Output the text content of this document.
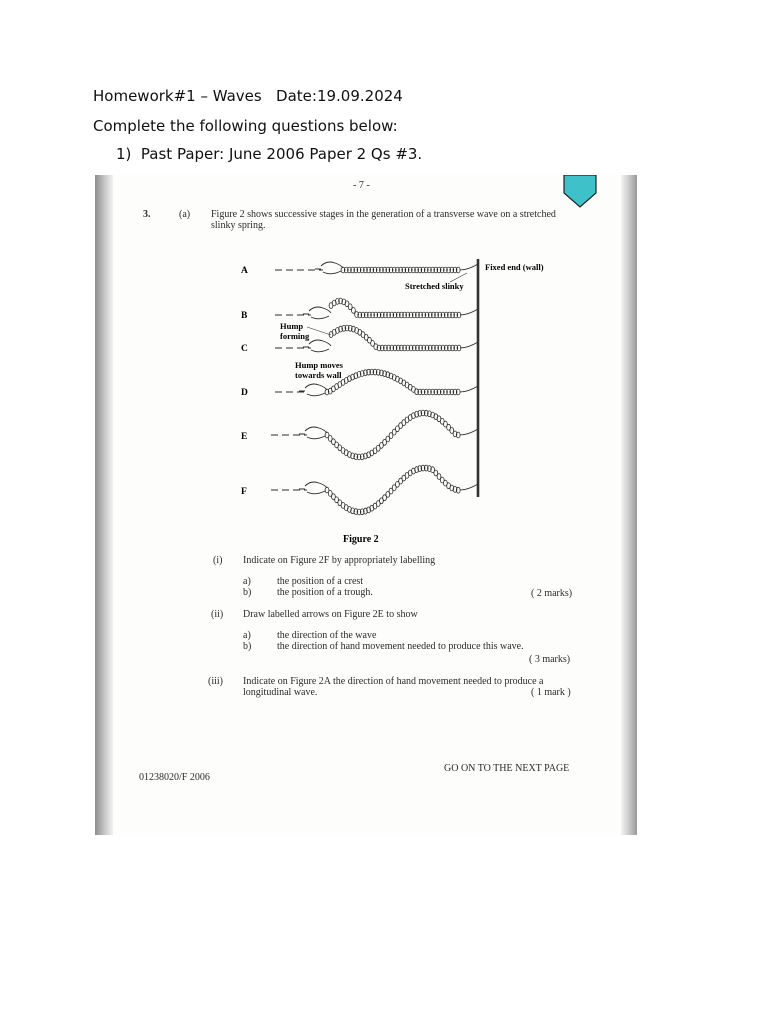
Homework#1 – Waves   Date:19.09.2024
Complete the following questions below:
1)  Past Paper: June 2006 Paper 2 Qs #3.
- 7 -
3.	(a) Figure 2 shows successive stages in the generation of a transverse wave on a stretched
slinky spring.
A
B
C
D
E
F
Fixed end (wall)
Stretched slinky
Hump
forming
Hump moves
towards wall
Figure 2
(i) Indicate on Figure 2F by appropriately labelling
a)	the position of a crest
b)	the position of a trough.	( 2 marks)
(ii) Draw labelled arrows on Figure 2E to show
a)	the direction of the wave
b)	the direction of hand movement needed to produce this wave.
( 3 marks)
(iii) Indicate on Figure 2A the direction of hand movement needed to produce a
longitudinal wave.	( 1 mark )
GO ON TO THE NEXT PAGE
01238020/F 2006
